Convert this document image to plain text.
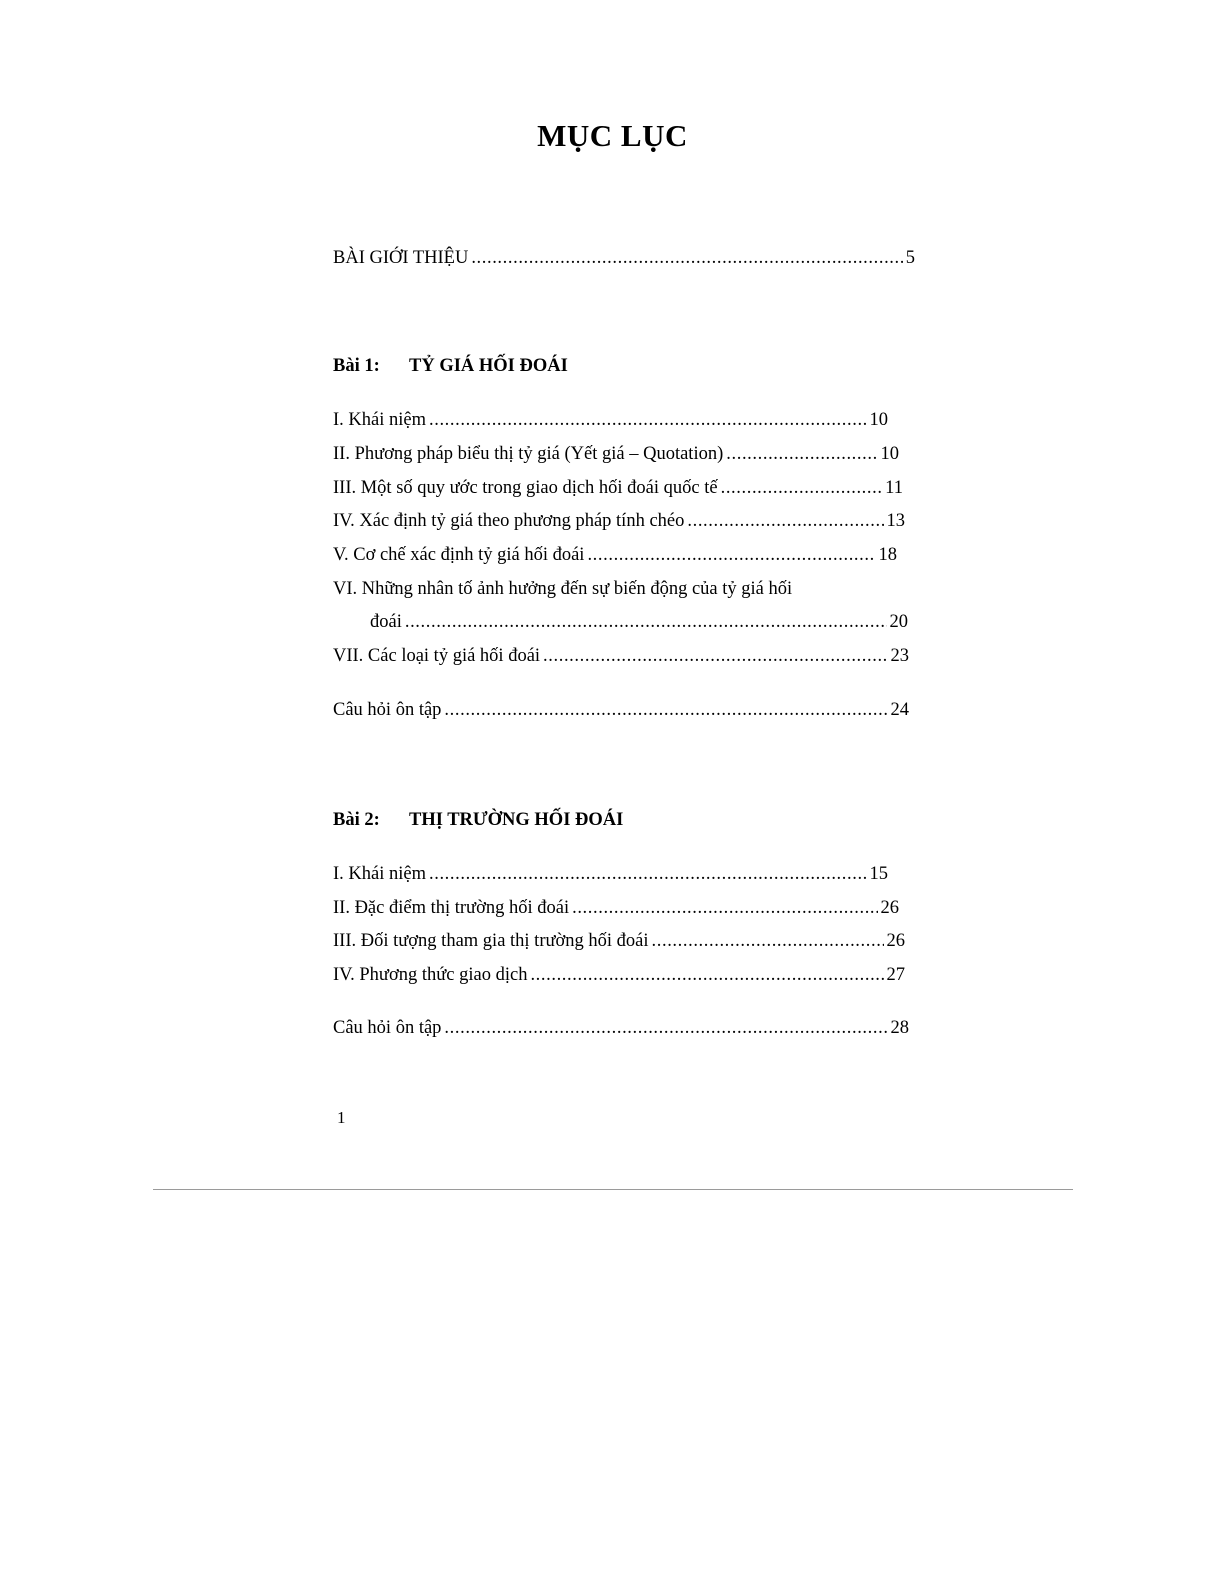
MỤC LỤC
BÀI GIỚI THIỆU .....	5
Bài 1: TỶ GIÁ HỐI ĐOÁI
I. Khái niệm .....	10
II. Phương pháp biểu thị tỷ giá (Yết giá – Quotation) .....	10
III. Một số quy ước trong giao dịch hối đoái quốc tế .....	11
IV. Xác định tỷ giá theo phương pháp tính chéo .....	13
V. Cơ chế xác định tỷ giá hối đoái .....	18
VI. Những nhân tố ảnh hưởng đến sự biến động của tỷ giá hối
đoái .....	20
VII. Các loại tỷ giá hối đoái .....	23
Câu hỏi ôn tập .....	24
Bài 2: THỊ TRƯỜNG HỐI ĐOÁI
I. Khái niệm .....	15
II. Đặc điểm thị trường hối đoái .....	26
III. Đối tượng tham gia thị trường hối đoái .....	26
IV. Phương thức giao dịch .....	27
Câu hỏi ôn tập .....	28
1
